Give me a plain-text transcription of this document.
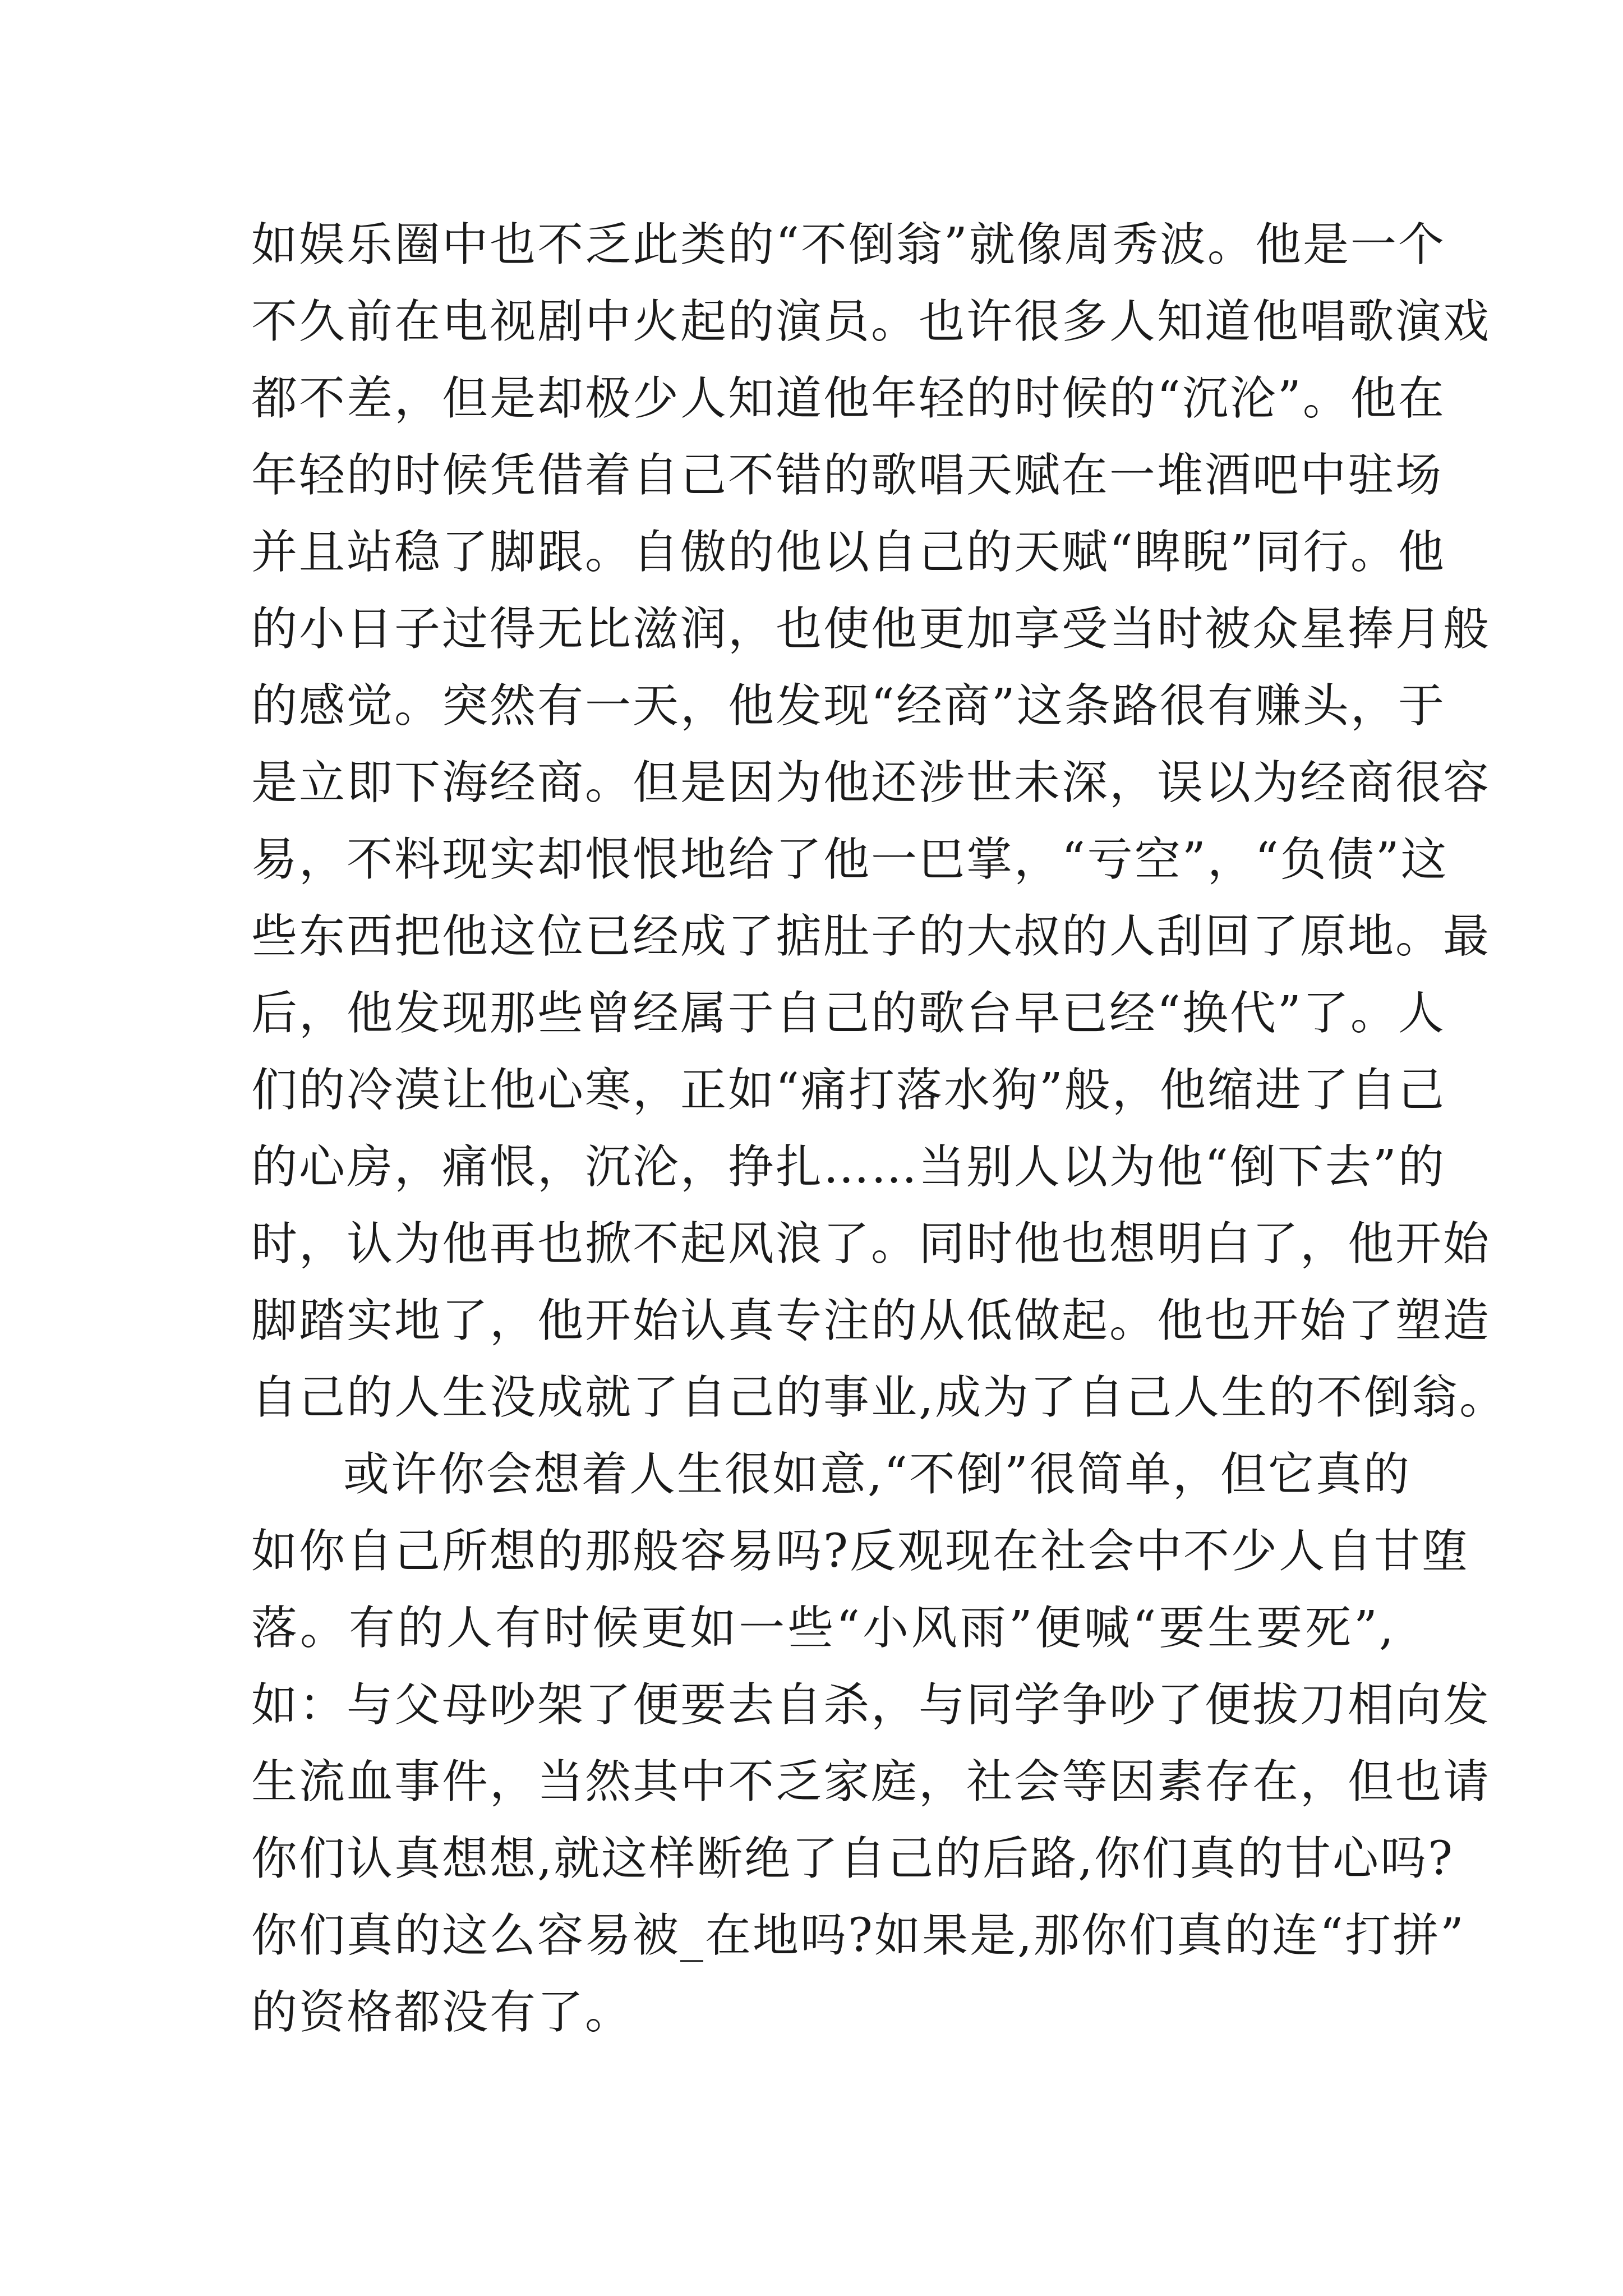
如娱乐圈中也不乏此类的“不倒翁”就像周秀波。他是一个
不久前在电视剧中火起的演员。也许很多人知道他唱歌演戏
都不差，但是却极少人知道他年轻的时候的“沉沦”。他在
年轻的时候凭借着自己不错的歌唱天赋在一堆酒吧中驻场
并且站稳了脚跟。自傲的他以自己的天赋“睥睨”同行。他
的小日子过得无比滋润，也使他更加享受当时被众星捧月般
的感觉。突然有一天，他发现“经商”这条路很有赚头，于
是立即下海经商。但是因为他还涉世未深，误以为经商很容
易，不料现实却恨恨地给了他一巴掌，“亏空”，“负债”这
些东西把他这位已经成了掂肚子的大叔的人刮回了原地。最
后，他发现那些曾经属于自己的歌台早已经“换代”了。人
们的冷漠让他心寒，正如“痛打落水狗”般，他缩进了自己
的心房，痛恨，沉沦，挣扎……当别人以为他“倒下去”的
时，认为他再也掀不起风浪了。同时他也想明白了，他开始
脚踏实地了，他开始认真专注的从低做起。他也开始了塑造
自己的人生没成就了自己的事业,成为了自己人生的不倒翁。
或许你会想着人生很如意,“不倒”很简单，但它真的
如你自己所想的那般容易吗?反观现在社会中不少人自甘堕
落。有的人有时候更如一些“小风雨”便喊“要生要死”,
如：与父母吵架了便要去自杀，与同学争吵了便拔刀相向发
生流血事件，当然其中不乏家庭，社会等因素存在，但也请
你们认真想想,就这样断绝了自己的后路,你们真的甘心吗?
你们真的这么容易被_在地吗?如果是,那你们真的连“打拼”
的资格都没有了。
